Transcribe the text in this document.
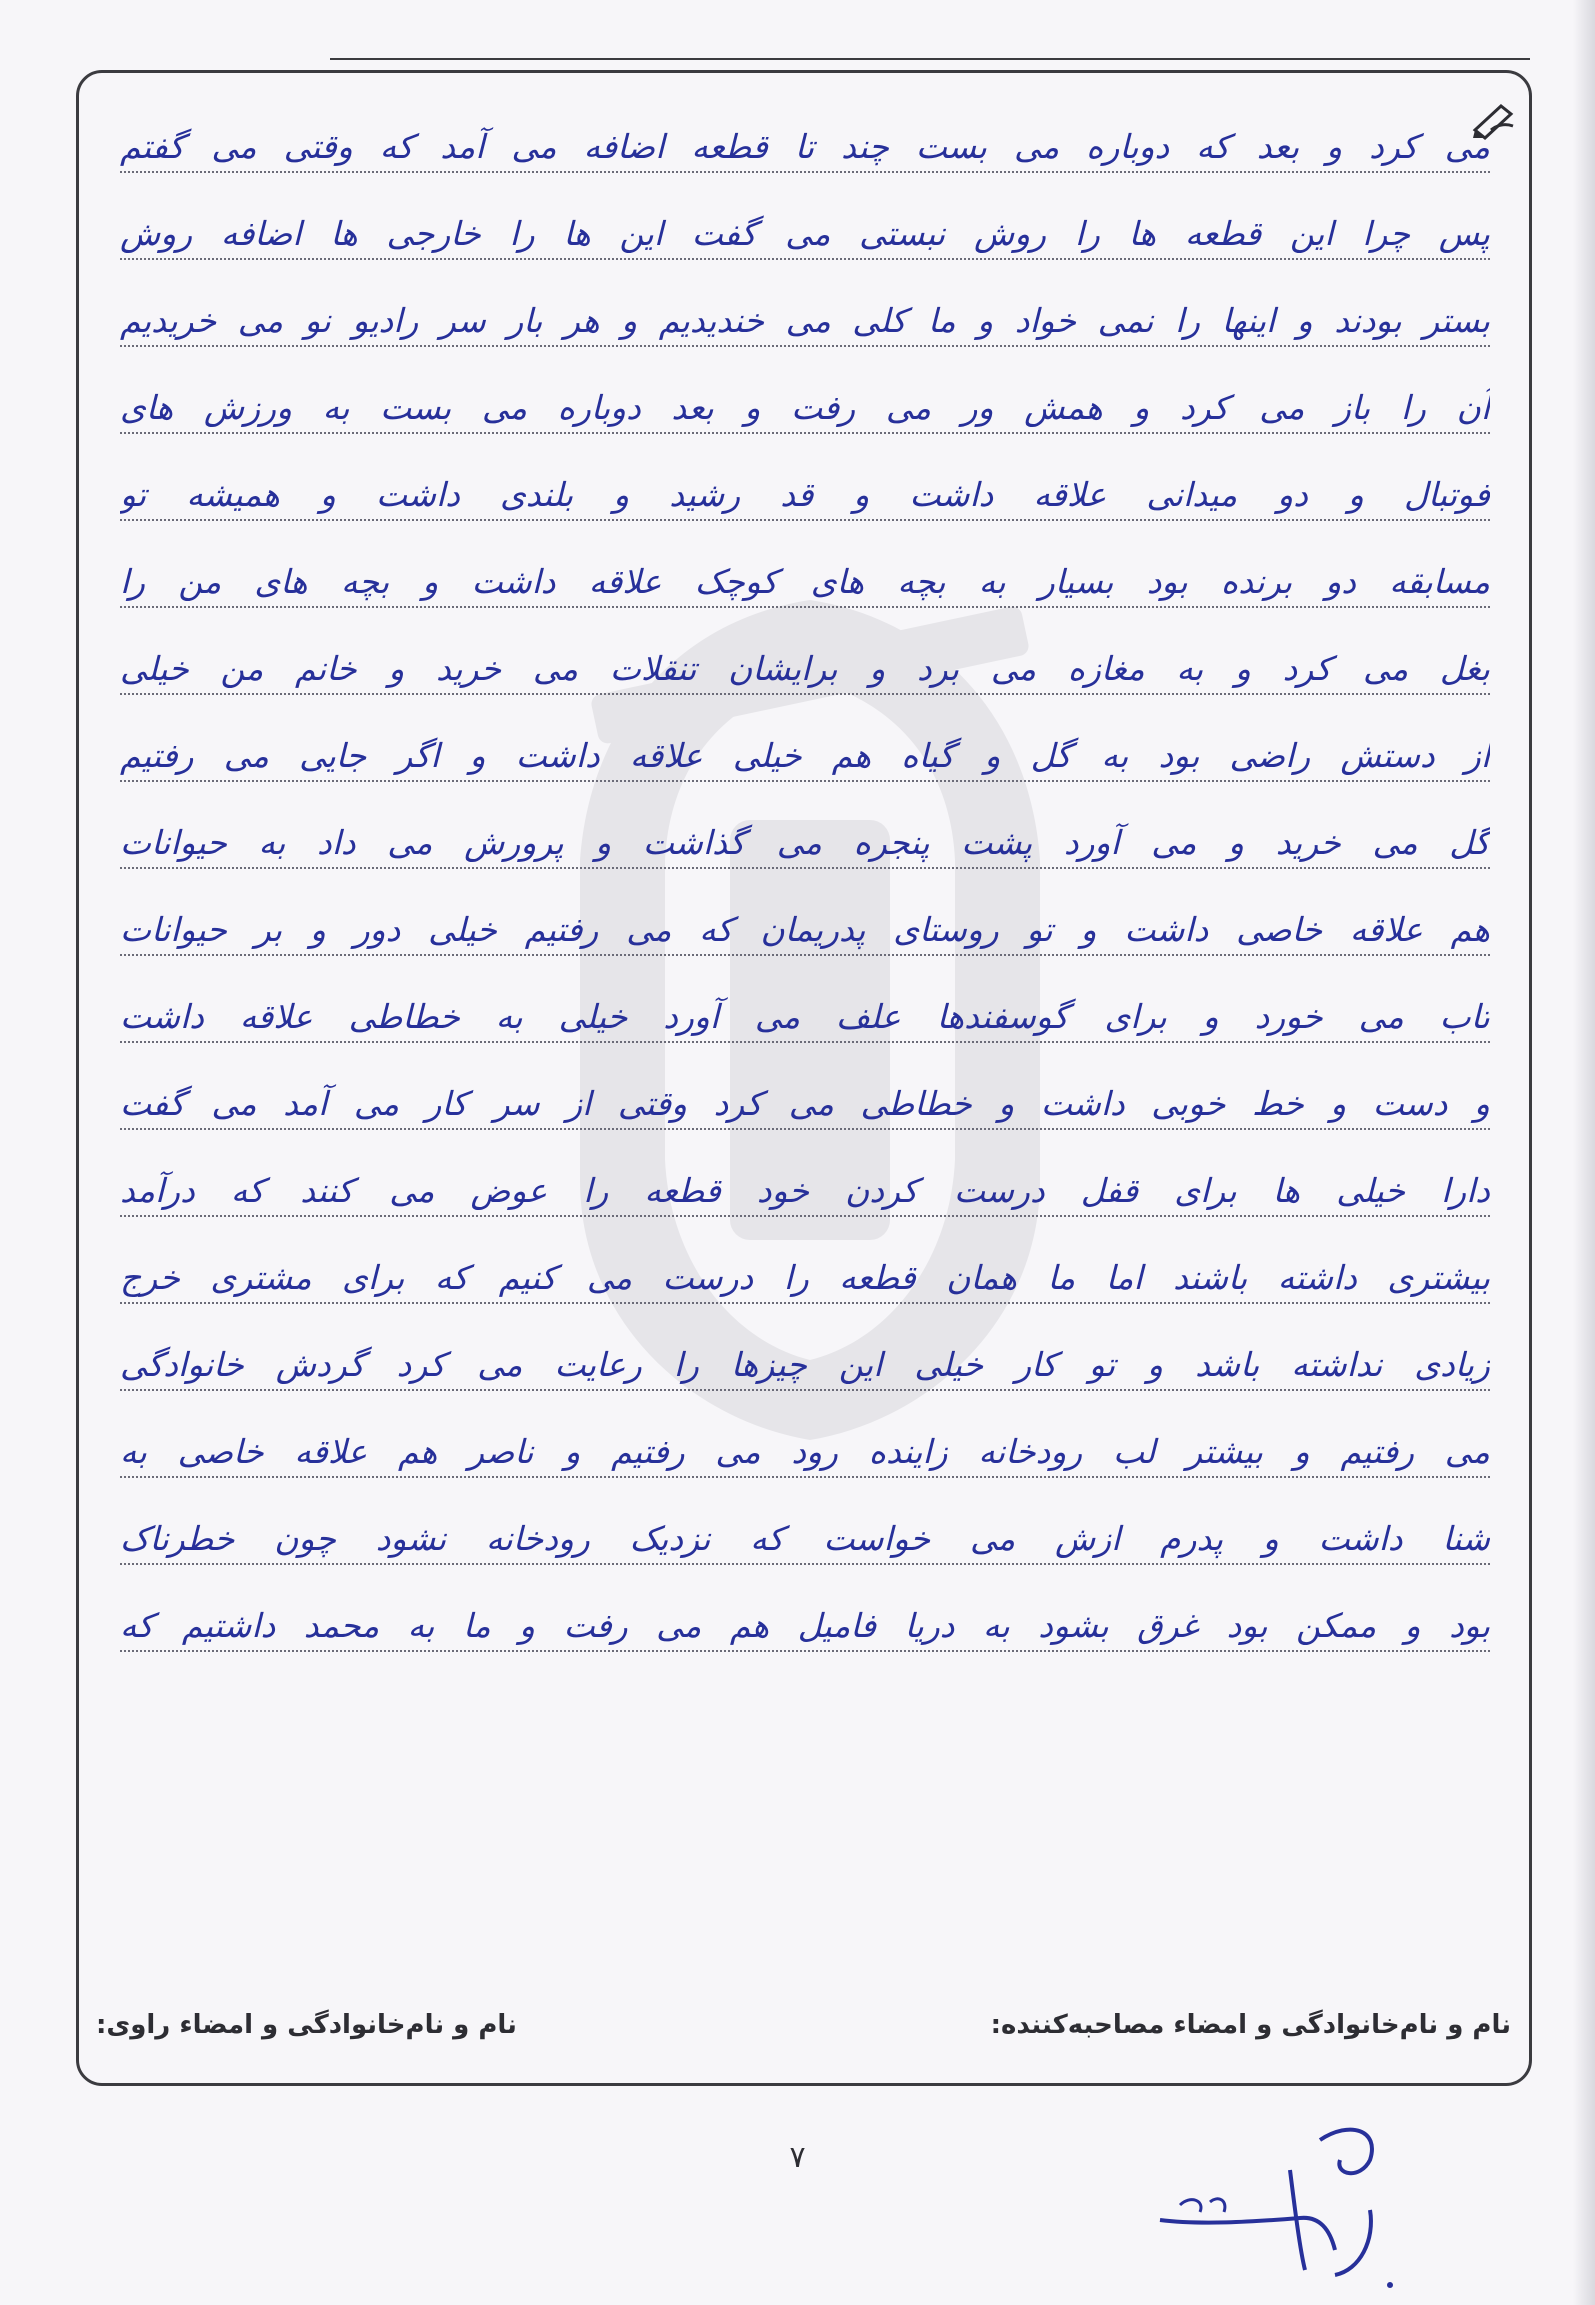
می کرد و بعد که دوباره می بست چند تا قطعه اضافه می آمد که وقتی می گفتم
پس چرا این قطعه ها را روش نبستی می گفت این ها را خارجی ها اضافه روش
بستر بودند و اینها را نمی خواد و ما کلی می خندیدیم و هر بار سر رادیو نو می خریدیم
آن را باز می کرد و همش ور می رفت و بعد دوباره می بست به ورزش های
فوتبال و دو میدانی علاقه داشت و قد رشید و بلندی داشت و همیشه تو
مسابقه دو برنده بود بسیار به بچه های کوچک علاقه داشت و بچه های من را
بغل می کرد و به مغازه می برد و برایشان تنقلات می خرید و خانم من خیلی
از دستش راضی بود به گل و گیاه هم خیلی علاقه داشت و اگر جایی می رفتیم
گل می خرید و می آورد پشت پنجره می گذاشت و پرورش می داد به حیوانات
هم علاقه خاصی داشت و تو روستای پدریمان که می رفتیم خیلی دور و بر حیوانات
تاب می خورد و برای گوسفندها علف می آورد خیلی به خطاطی علاقه داشت
و دست و خط خوبی داشت و خطاطی می کرد وقتی از سر کار می آمد می گفت
دارا خیلی ها برای قفل درست کردن خود قطعه را عوض می کنند که درآمد
بیشتری داشته باشند اما ما همان قطعه را درست می کنیم که برای مشتری خرج
زیادی نداشته باشد و تو کار خیلی این چیزها را رعایت می کرد گردش خانوادگی
می رفتیم و بیشتر لب رودخانه زاینده رود می رفتیم و ناصر هم علاقه خاصی به
شنا داشت و پدرم ازش می خواست که نزدیک رودخانه نشود چون خطرناک
بود و ممکن بود غرق بشود به دریا فامیل هم می رفت و ما به محمد داشتیم که
نام و نام‌خانوادگی و امضاء مصاحبه‌کننده:
نام و نام‌خانوادگی و امضاء راوی:
۷
